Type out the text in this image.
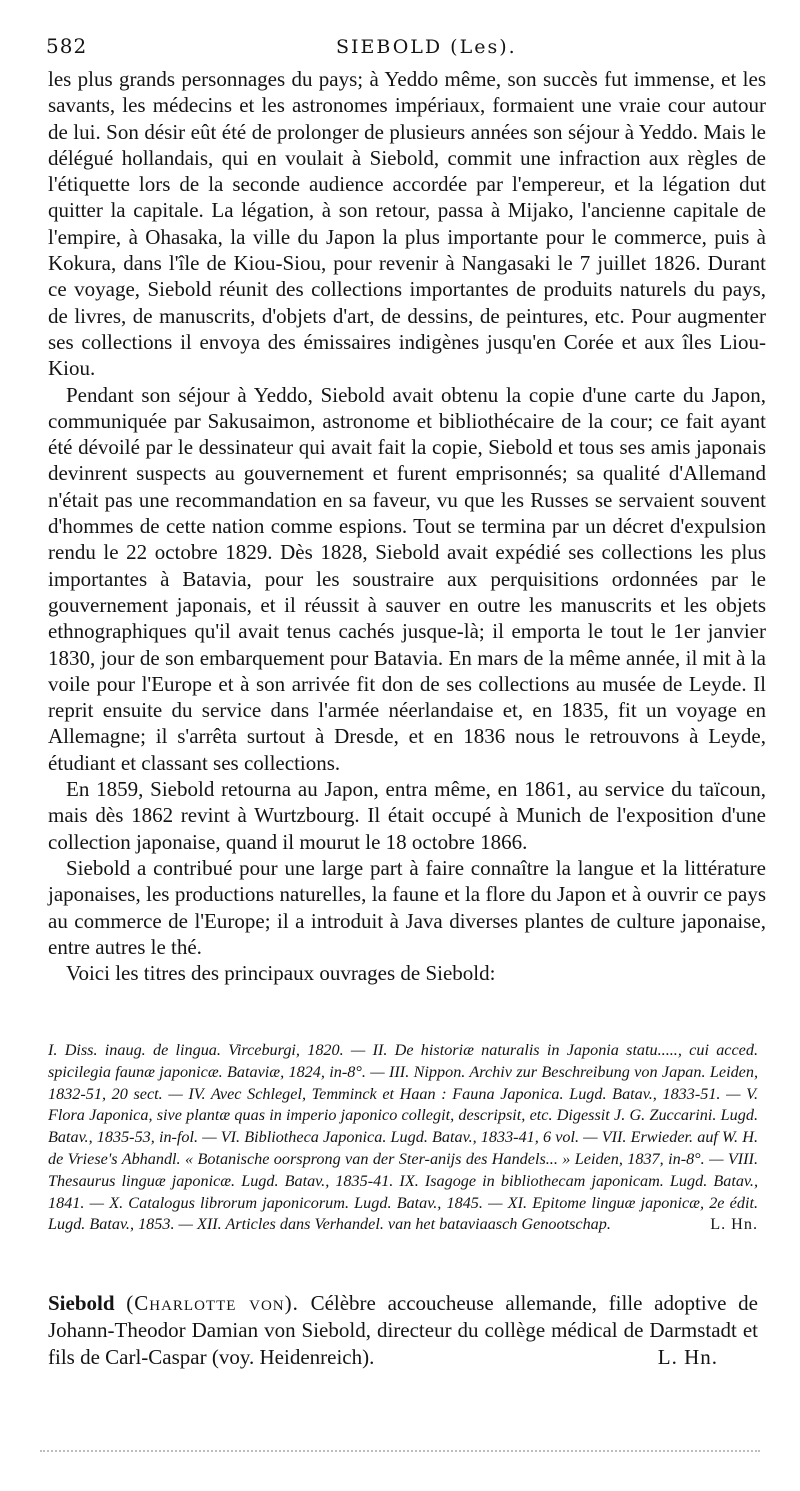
582	SIEBOLD (Les).

les plus grands personnages du pays; à Yeddo même, son succès fut immense, et les savants, les médecins et les astronomes impériaux, formaient une vraie cour autour de lui. Son désir eût été de prolonger de plusieurs années son séjour à Yeddo. Mais le délégué hollandais, qui en voulait à Siebold, commit une infraction aux règles de l'étiquette lors de la seconde audience accordée par l'empereur, et la légation dut quitter la capitale. La légation, à son retour, passa à Mijako, l'ancienne capitale de l'empire, à Ohasaka, la ville du Japon la plus importante pour le commerce, puis à Kokura, dans l'île de Kiou-Siou, pour revenir à Nangasaki le 7 juillet 1826. Durant ce voyage, Siebold réunit des collections importantes de produits naturels du pays, de livres, de manuscrits, d'objets d'art, de dessins, de peintures, etc. Pour augmenter ses collections il envoya des émissaires indigènes jusqu'en Corée et aux îles Liou-Kiou.

Pendant son séjour à Yeddo, Siebold avait obtenu la copie d'une carte du Japon, communiquée par Sakusaimon, astronome et bibliothécaire de la cour; ce fait ayant été dévoilé par le dessinateur qui avait fait la copie, Siebold et tous ses amis japonais devinrent suspects au gouvernement et furent emprisonnés; sa qualité d'Allemand n'était pas une recommandation en sa faveur, vu que les Russes se servaient souvent d'hommes de cette nation comme espions. Tout se termina par un décret d'expulsion rendu le 22 octobre 1829. Dès 1828, Siebold avait expédié ses collections les plus importantes à Batavia, pour les soustraire aux perquisitions ordonnées par le gouvernement japonais, et il réussit à sauver en outre les manuscrits et les objets ethnographiques qu'il avait tenus cachés jusque-là; il emporta le tout le 1er janvier 1830, jour de son embarquement pour Batavia. En mars de la même année, il mit à la voile pour l'Europe et à son arrivée fit don de ses collections au musée de Leyde. Il reprit ensuite du service dans l'armée néerlandaise et, en 1835, fit un voyage en Allemagne; il s'arrêta surtout à Dresde, et en 1836 nous le retrouvons à Leyde, étudiant et classant ses collections.

En 1859, Siebold retourna au Japon, entra même, en 1861, au service du taïcoun, mais dès 1862 revint à Wurtzbourg. Il était occupé à Munich de l'exposition d'une collection japonaise, quand il mourut le 18 octobre 1866.

Siebold a contribué pour une large part à faire connaître la langue et la littérature japonaises, les productions naturelles, la faune et la flore du Japon et à ouvrir ce pays au commerce de l'Europe; il a introduit à Java diverses plantes de culture japonaise, entre autres le thé.

Voici les titres des principaux ouvrages de Siebold:

I. Diss. inaug. de lingua. Virceburgi, 1820. — II. De historiæ naturalis in Japonia statu....., cui acced. spicilegia faunæ japonicæ. Bataviæ, 1824, in-8°. — III. Nippon. Archiv zur Beschreibung von Japan. Leiden, 1832-51, 20 sect. — IV. Avec Schlegel, Temminck et Haan : Fauna Japonica. Lugd. Batav., 1833-51. — V. Flora Japonica, sive plantæ quas in imperio japonico collegit, descripsit, etc. Digessit J. G. Zuccarini. Lugd. Batav., 1835-53, in-fol. — VI. Bibliotheca Japonica. Lugd. Batav., 1833-41, 6 vol. — VII. Erwieder. auf W. H. de Vriese's Abhandl. « Botanische oorsprong van der Ster-anijs des Handels... » Leiden, 1837, in-8°. — VIII. Thesaurus linguæ japonicæ. Lugd. Batav., 1835-41. IX. Isagoge in bibliothecam japonicam. Lugd. Batav., 1841. — X. Catalogus librorum japonicorum. Lugd. Batav., 1845. — XI. Epitome linguæ japonicæ, 2e édit. Lugd. Batav., 1853. — XII. Articles dans Verhandel. van het bataviaasch Genootschap.	L. Hn.
Siebold (Charlotte von). Célèbre accoucheuse allemande, fille adoptive de Johann-Theodor Damian von Siebold, directeur du collège médical de Darmstadt et fils de Carl-Caspar (voy. Heidenreich).	L. Hn.
